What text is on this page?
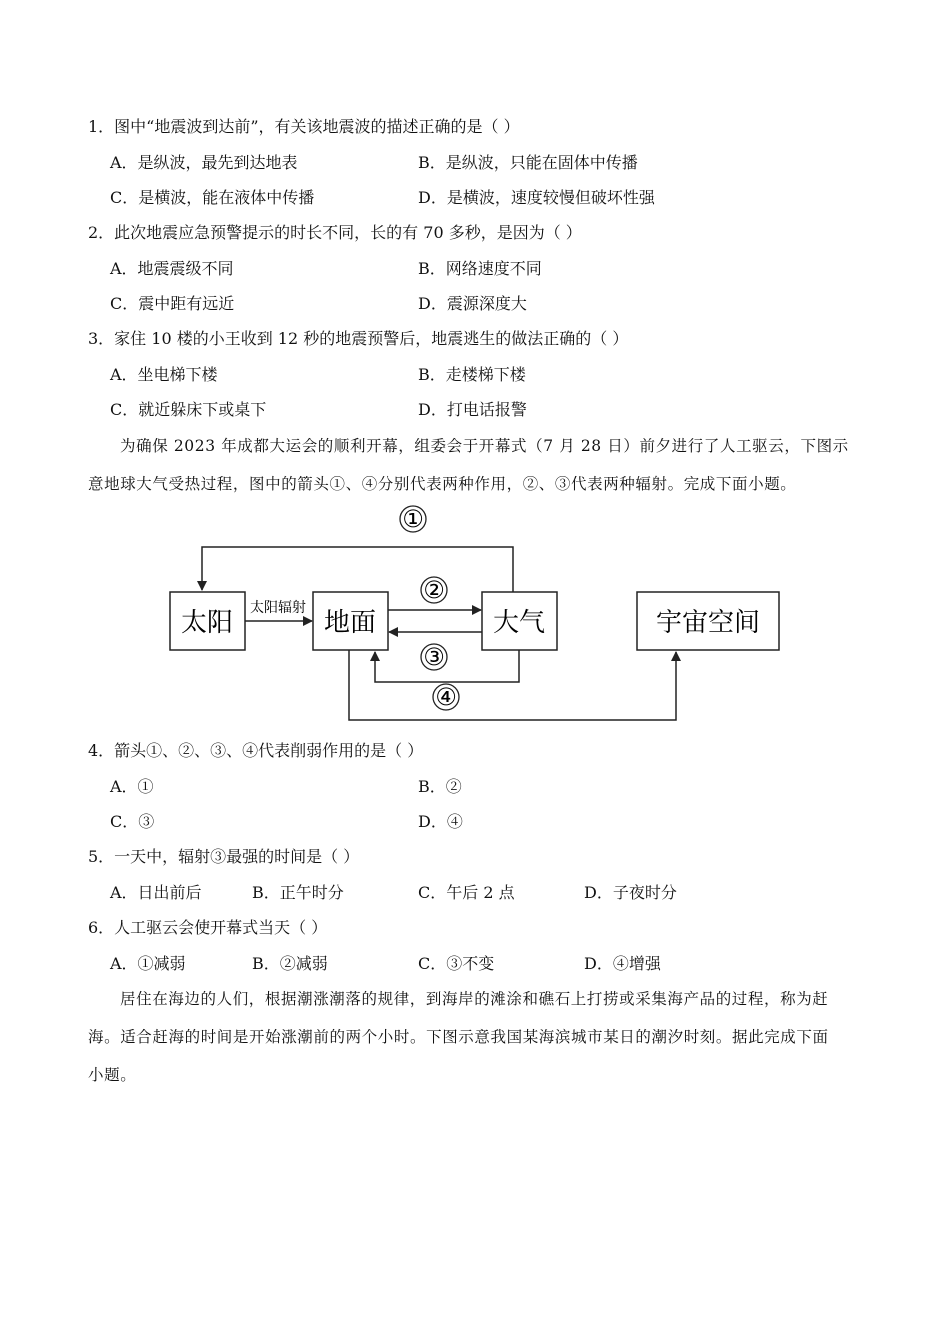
1．图中“地震波到达前”，有关该地震波的描述正确的是（ ）
A．是纵波，最先到达地表	B．是纵波，只能在固体中传播
C．是横波，能在液体中传播	D．是横波，速度较慢但破坏性强
2．此次地震应急预警提示的时长不同，长的有 70 多秒，是因为（ ）
A．地震震级不同	B．网络速度不同
C．震中距有远近	D．震源深度大
3．家住 10 楼的小王收到 12 秒的地震预警后，地震逃生的做法正确的（ ）
A．坐电梯下楼	B．走楼梯下楼
C．就近躲床下或桌下	D．打电话报警
为确保 2023 年成都大运会的顺利开幕，组委会于开幕式（7 月 28 日）前夕进行了人工驱云，下图示
意地球大气受热过程，图中的箭头①、④分别代表两种作用，②、③代表两种辐射。完成下面小题。
太阳	地面	大气	宇宙空间
太阳辐射
①
②
③
④
4．箭头①、②、③、④代表削弱作用的是（ ）
A．①	B．②
C．③	D．④
5．一天中，辐射③最强的时间是（ ）
A．日出前后	B．正午时分	C．午后 2 点	D．子夜时分
6．人工驱云会使开幕式当天（ ）
A．①减弱	B．②减弱	C．③不变	D．④增强
居住在海边的人们，根据潮涨潮落的规律，到海岸的滩涂和礁石上打捞或采集海产品的过程，称为赶
海。适合赶海的时间是开始涨潮前的两个小时。下图示意我国某海滨城市某日的潮汐时刻。据此完成下面
小题。
